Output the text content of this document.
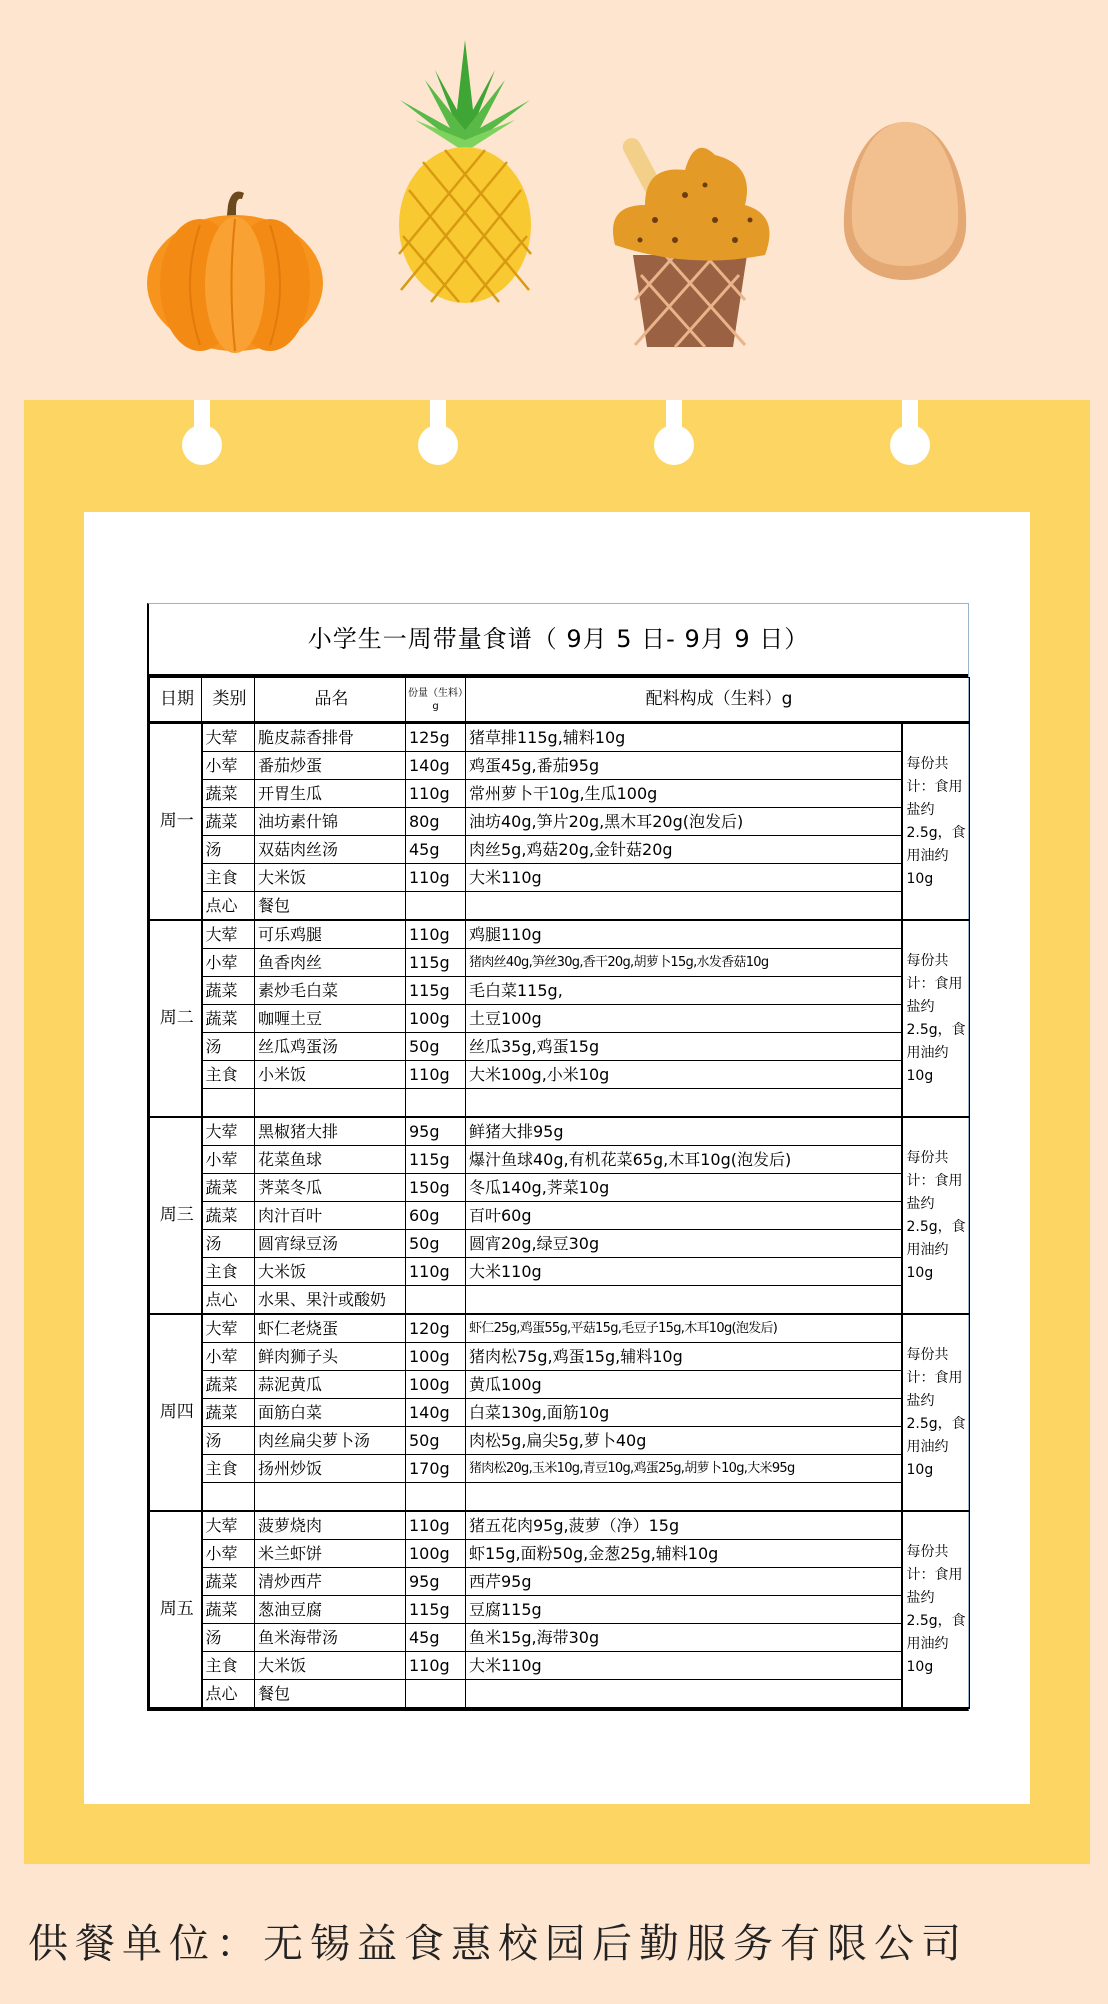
小学生一周带量食谱（ 9月 5 日- 9月 9 日）
日期	类别	品名	份量（生料）g	配料构成（生料）g	
周一	大荤	脆皮蒜香排骨	125g	猪草排115g,辅料10g	每份共计：食用盐约2.5g，食用油约10g
	小荤	番茄炒蛋	140g	鸡蛋45g,番茄95g	
	蔬菜	开胃生瓜	110g	常州萝卜干10g,生瓜100g	
	蔬菜	油坊素什锦	80g	油坊40g,笋片20g,黑木耳20g(泡发后)	
	汤	双菇肉丝汤	45g	肉丝5g,鸡菇20g,金针菇20g	
	主食	大米饭	110g	大米110g	
	点心	餐包			
周二	大荤	可乐鸡腿	110g	鸡腿110g	每份共计：食用盐约2.5g，食用油约10g
	小荤	鱼香肉丝	115g	猪肉丝40g,笋丝30g,香干20g,胡萝卜15g,水发香菇10g	
	蔬菜	素炒毛白菜	115g	毛白菜115g,	
	蔬菜	咖喱土豆	100g	土豆100g	
	汤	丝瓜鸡蛋汤	50g	丝瓜35g,鸡蛋15g	
	主食	小米饭	110g	大米100g,小米10g	

周三	大荤	黑椒猪大排	95g	鲜猪大排95g	每份共计：食用盐约2.5g，食用油约10g
	小荤	花菜鱼球	115g	爆汁鱼球40g,有机花菜65g,木耳10g(泡发后)	
	蔬菜	荠菜冬瓜	150g	冬瓜140g,荠菜10g	
	蔬菜	肉汁百叶	60g	百叶60g	
	汤	圆宵绿豆汤	50g	圆宵20g,绿豆30g	
	主食	大米饭	110g	大米110g	
	点心	水果、果汁或酸奶			
周四	大荤	虾仁老烧蛋	120g	虾仁25g,鸡蛋55g,平菇15g,毛豆子15g,木耳10g(泡发后)	每份共计：食用盐约2.5g，食用油约10g
	小荤	鲜肉狮子头	100g	猪肉松75g,鸡蛋15g,辅料10g	
	蔬菜	蒜泥黄瓜	100g	黄瓜100g	
	蔬菜	面筋白菜	140g	白菜130g,面筋10g	
	汤	肉丝扁尖萝卜汤	50g	肉松5g,扁尖5g,萝卜40g	
	主食	扬州炒饭	170g	猪肉松20g,玉米10g,青豆10g,鸡蛋25g,胡萝卜10g,大米95g	

周五	大荤	菠萝烧肉	110g	猪五花肉95g,菠萝（净）15g	每份共计：食用盐约2.5g，食用油约10g
	小荤	米兰虾饼	100g	虾15g,面粉50g,金葱25g,辅料10g	
	蔬菜	清炒西芹	95g	西芹95g	
	蔬菜	葱油豆腐	115g	豆腐115g	
	汤	鱼米海带汤	45g	鱼米15g,海带30g	
	主食	大米饭	110g	大米110g	
	点心	餐包			
供餐单位：无锡益食惠校园后勤服务有限公司
